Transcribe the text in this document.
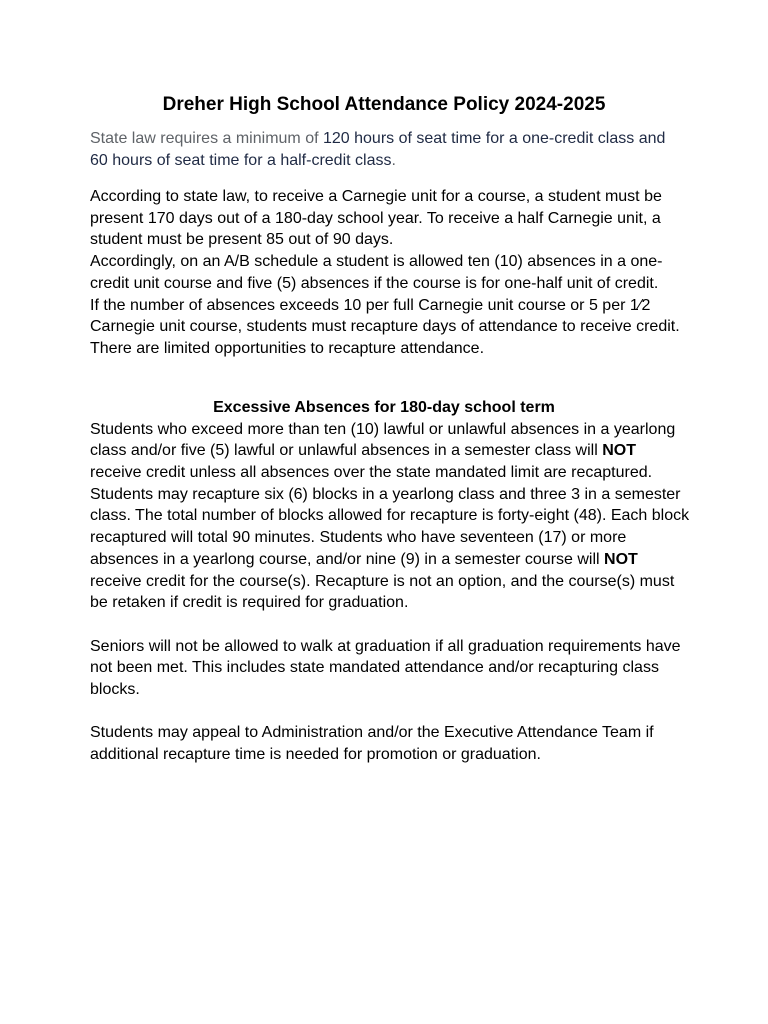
Dreher High School Attendance Policy 2024-2025

State law requires a minimum of 120 hours of seat time for a one-credit class and 60 hours of seat time for a half-credit class.

According to state law, to receive a Carnegie unit for a course, a student must be present 170 days out of a 180-day school year. To receive a half Carnegie unit, a student must be present 85 out of 90 days.

Accordingly, on an A/B schedule a student is allowed ten (10) absences in a one-credit unit course and five (5) absences if the course is for one-half unit of credit.

If the number of absences exceeds 10 per full Carnegie unit course or 5 per 1⁄2 Carnegie unit course, students must recapture days of attendance to receive credit. There are limited opportunities to recapture attendance.

Excessive Absences for 180-day school term

Students who exceed more than ten (10) lawful or unlawful absences in a yearlong class and/or five (5) lawful or unlawful absences in a semester class will NOT receive credit unless all absences over the state mandated limit are recaptured. Students may recapture six (6) blocks in a yearlong class and three 3 in a semester class. The total number of blocks allowed for recapture is forty-eight (48). Each block recaptured will total 90 minutes. Students who have seventeen (17) or more absences in a yearlong course, and/or nine (9) in a semester course will NOT receive credit for the course(s). Recapture is not an option, and the course(s) must be retaken if credit is required for graduation.

Seniors will not be allowed to walk at graduation if all graduation requirements have not been met. This includes state mandated attendance and/or recapturing class blocks.

Students may appeal to Administration and/or the Executive Attendance Team if additional recapture time is needed for promotion or graduation.
